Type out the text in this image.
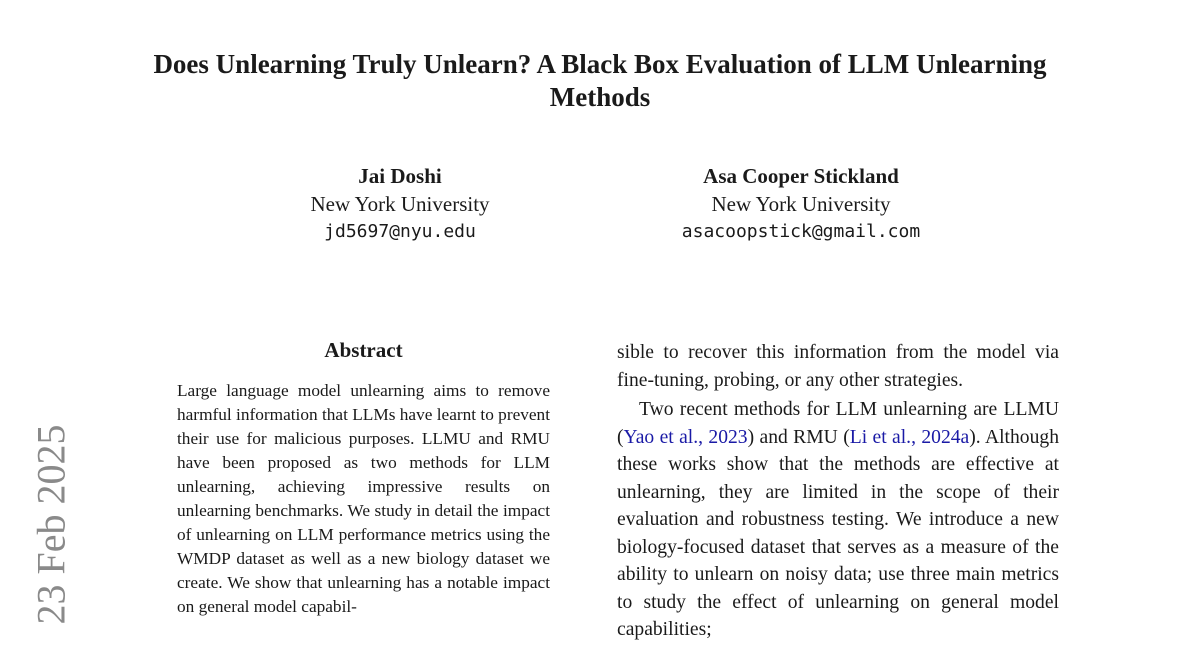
23 Feb 2025
Does Unlearning Truly Unlearn? A Black Box Evaluation of LLM Unlearning Methods
Jai Doshi
New York University
jd5697@nyu.edu
Asa Cooper Stickland
New York University
asacoopstick@gmail.com
Abstract

Large language model unlearning aims to remove harmful information that LLMs have learnt to prevent their use for malicious purposes. LLMU and RMU have been proposed as two methods for LLM unlearning, achieving impressive results on unlearning benchmarks. We study in detail the impact of unlearning on LLM performance metrics using the WMDP dataset as well as a new biology dataset we create. We show that unlearning has a notable impact on general model capabil-

sible to recover this information from the model via fine-tuning, probing, or any other strategies.

Two recent methods for LLM unlearning are LLMU (Yao et al., 2023) and RMU (Li et al., 2024a). Although these works show that the methods are effective at unlearning, they are limited in the scope of their evaluation and robustness testing. We introduce a new biology-focused dataset that serves as a measure of the ability to unlearn on noisy data; use three main metrics to study the effect of unlearning on general model capabilities;
